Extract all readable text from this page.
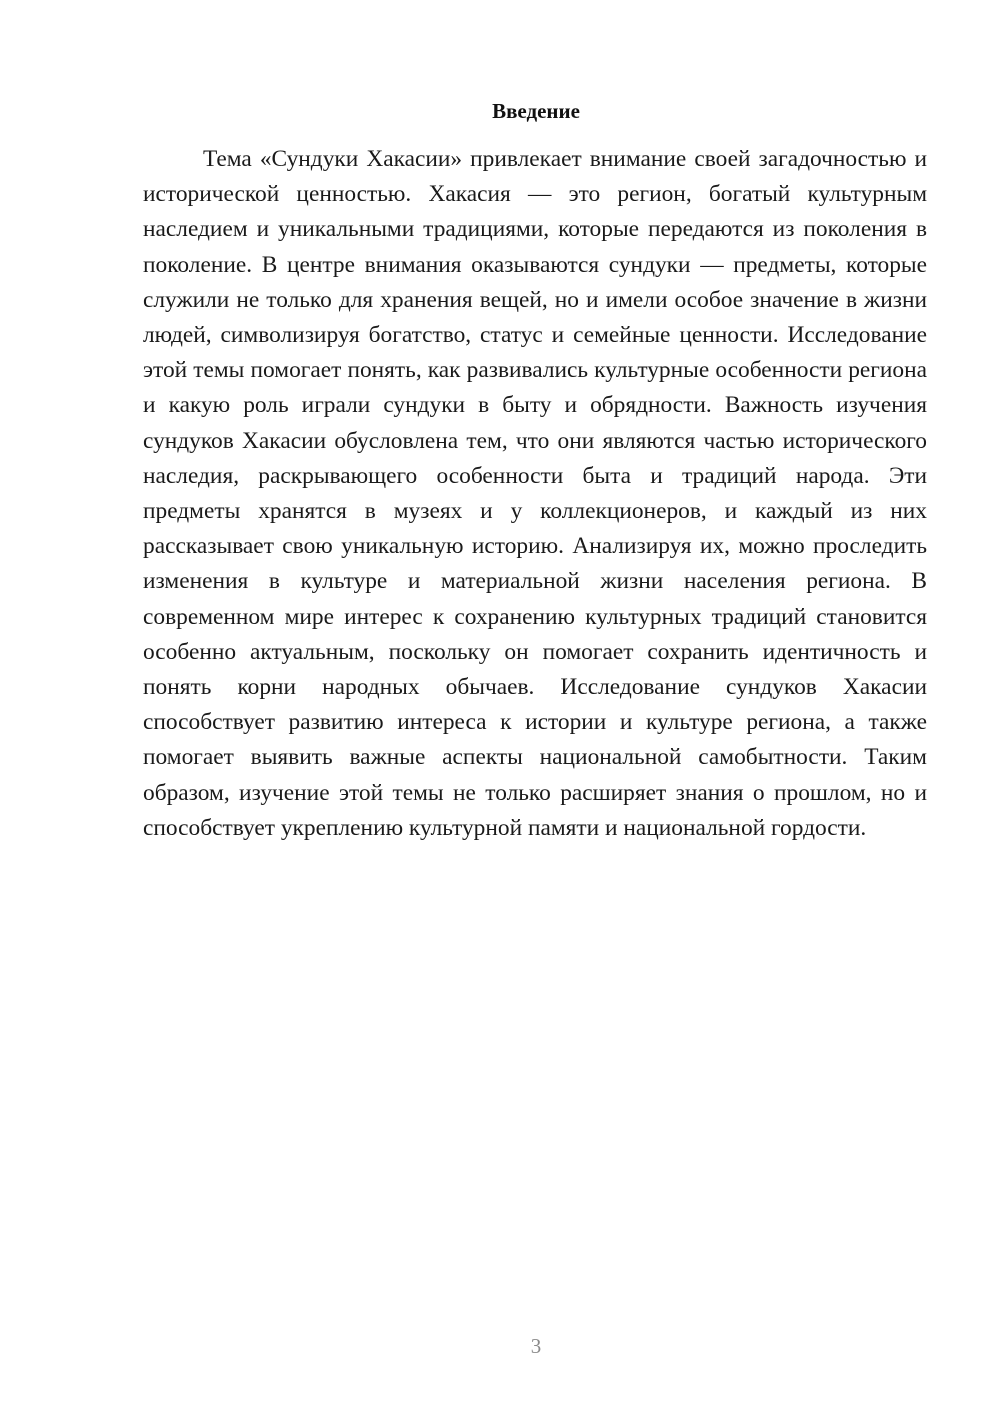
Введение

Тема «Сундуки Хакасии» привлекает внимание своей загадочностью и исторической ценностью. Хакасия — это регион, богатый культурным наследием и уникальными традициями, которые передаются из поколения в поколение. В центре внимания оказываются сундуки — предметы, которые служили не только для хранения вещей, но и имели особое значение в жизни людей, символизируя богатство, статус и семейные ценности. Исследование этой темы помогает понять, как развивались культурные особенности региона и какую роль играли сундуки в быту и обрядности. Важность изучения сундуков Хакасии обусловлена тем, что они являются частью исторического наследия, раскрывающего особенности быта и традиций народа. Эти предметы хранятся в музеях и у коллекционеров, и каждый из них рассказывает свою уникальную историю. Анализируя их, можно проследить изменения в культуре и материальной жизни населения региона. В современном мире интерес к сохранению культурных традиций становится особенно актуальным, поскольку он помогает сохранить идентичность и понять корни народных обычаев. Исследование сундуков Хакасии способствует развитию интереса к истории и культуре региона, а также помогает выявить важные аспекты национальной самобытности. Таким образом, изучение этой темы не только расширяет знания о прошлом, но и способствует укреплению культурной памяти и национальной гордости.

3
